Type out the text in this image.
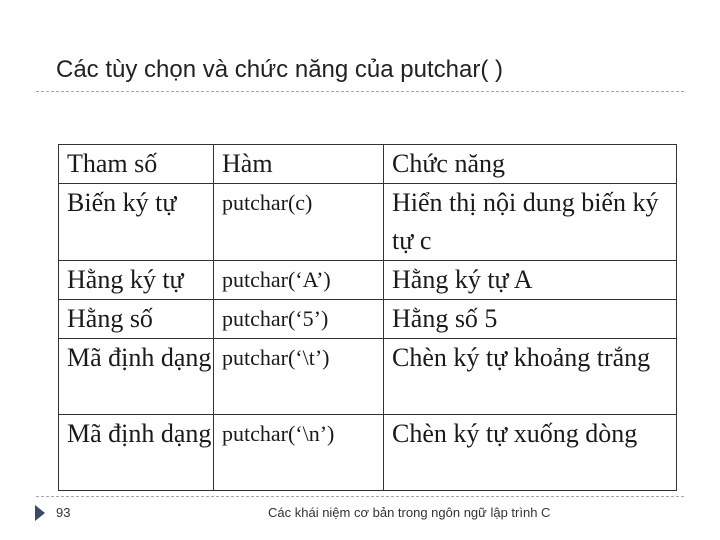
Các tùy chọn và chức năng của putchar( )
Tham số	Hàm	Chức năng
Biến ký tự	putchar(c)	Hiển thị nội dung biến ký tự c
Hằng ký tự	putchar(‘A’)	Hằng ký tự A
Hằng số	putchar(‘5’)	Hằng số 5
Mã định dạng	putchar(‘\t’)	Chèn ký tự khoảng trắng
Mã định dạng	putchar(‘\n’)	Chèn ký tự xuống dòng
93	Các khái niệm cơ bản trong ngôn ngữ lập trình C
